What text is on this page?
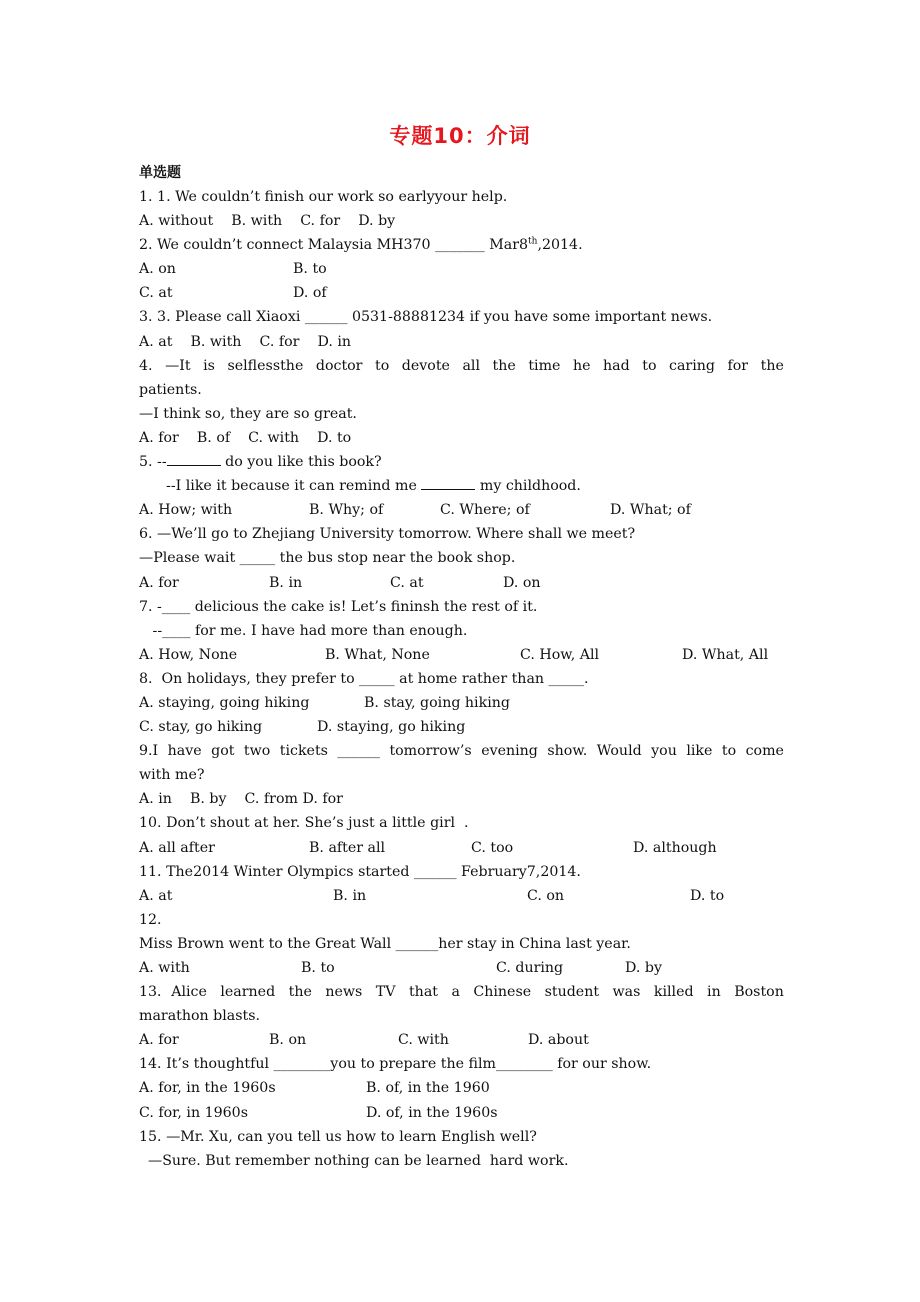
专题10：介词
单选题
1. 1. We couldn’t finish our work so earlyyour help.
A. without    B. with    C. for    D. by
2. We couldn’t connect Malaysia MH370 _______ Mar8th,2014.
A. on	B. to
C. at	D. of
3. 3. Please call Xiaoxi ______ 0531-88881234 if you have some important news.
A. at    B. with    C. for    D. in
4. —It is selflessthe doctor to devote all the time he had to caring for the
patients.
—I think so, they are so great.
A. for    B. of    C. with    D. to
5. --	do you like this book?
--I like it because it can remind me	my childhood.
A. How; with	B. Why; of	C. Where; of	D. What; of
6. —We’ll go to Zhejiang University tomorrow. Where shall we meet?
—Please wait _____ the bus stop near the book shop.
A. for	B. in	C. at	D. on
7. -____ delicious the cake is! Let’s fininsh the rest of it.
--____ for me. I have had more than enough.
A. How, None	B. What, None	C. How, All	D. What, All
8.  On holidays, they prefer to _____ at home rather than _____.
A. staying, going hiking	B. stay, going hiking
C. stay, go hiking	D. staying, go hiking
9.I have got two tickets ______ tomorrow’s evening show. Would you like to come
with me?
A. in    B. by    C. from D. for
10. Don’t shout at her. She’s just a little girl  .
A. all after	B. after all	C. too	D. although
11. The2014 Winter Olympics started ______ February7,2014.
A. at	B. in	C. on	D. to
12.
Miss Brown went to the Great Wall ______her stay in China last year.
A. with	B. to	C. during	D. by
13．Alice learned the news TV that a Chinese student was killed in Boston
marathon blasts.
A. for	B. on	C. with	D. about
14. It’s thoughtful ________you to prepare the film________ for our show.
A. for, in the 1960s	B. of, in the 1960
C. for, in 1960s	D. of, in the 1960s
15. —Mr. Xu, can you tell us how to learn English well?
—Sure. But remember nothing can be learned  hard work.
